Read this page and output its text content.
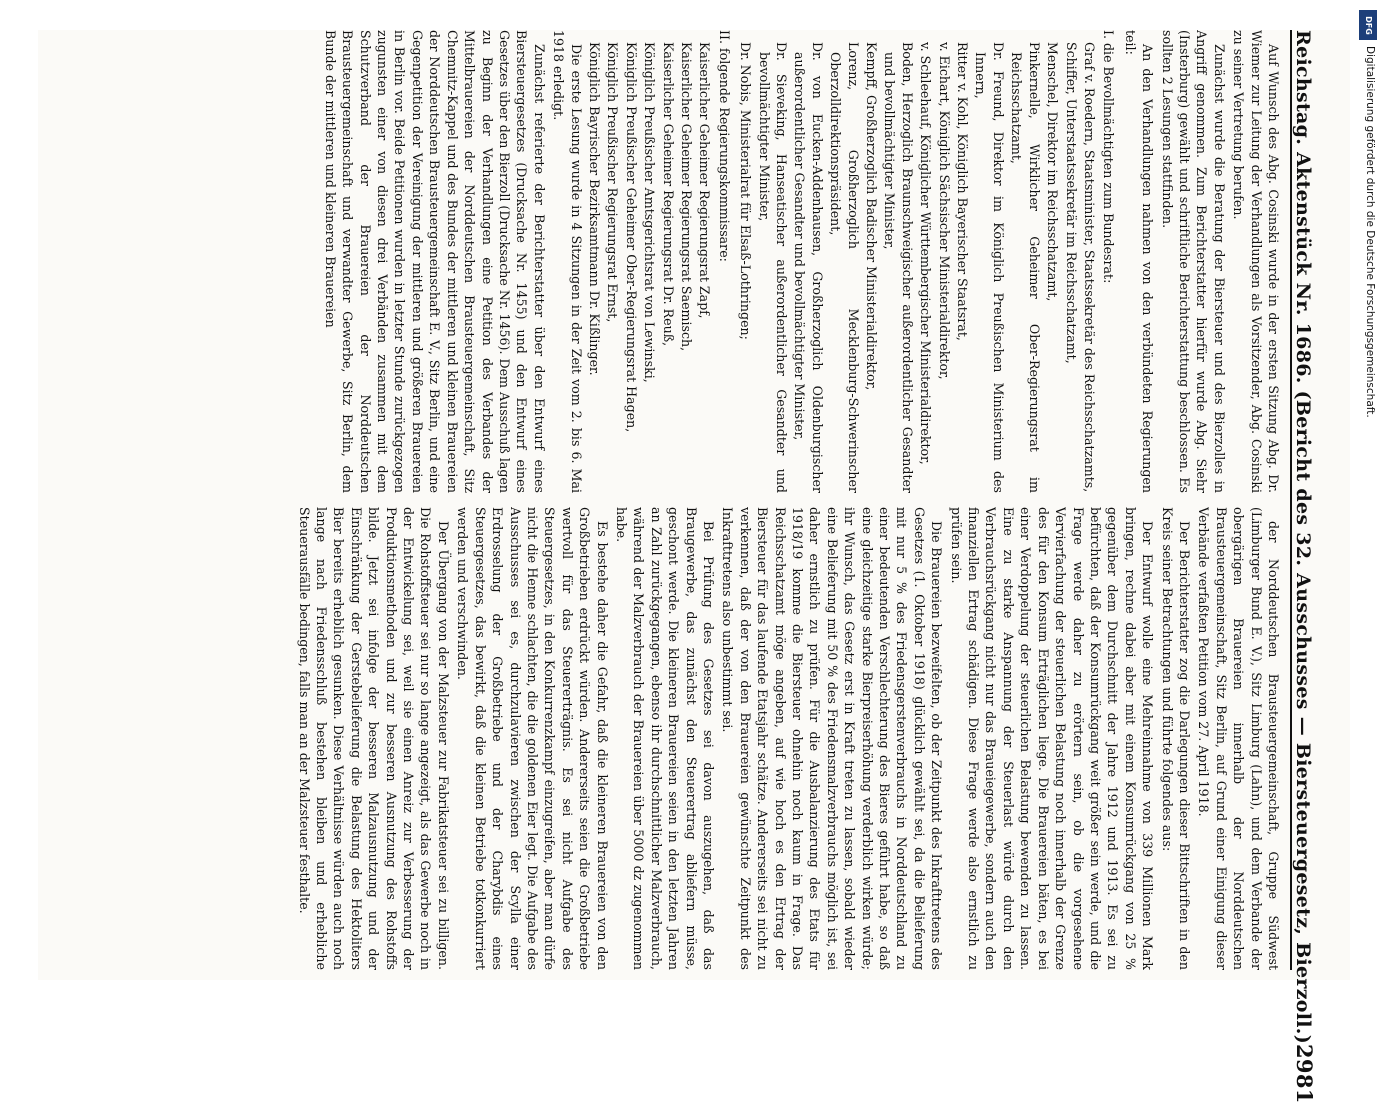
Reichstag. Aktenstück Nr. 1686. (Bericht des 32. Ausschusses — Biersteuergesetz, Bierzoll.)
2981

Auf Wunsch des Abg. Cosinski wurde in der ersten Sitzung Abg. Dr. Wiemer zur Leitung der Verhandlungen als Vorsitzender, Abg. Cosinski zu seiner Vertretung berufen.

Zunächst wurde die Beratung der Biersteuer und des Bierzolles in Angriff genommen. Zum Berichterstatter hierfür wurde Abg. Siehr (Insterburg) gewählt und schriftliche Berichterstattung beschlossen. Es sollten 2 Lesungen stattfinden.

An den Verhandlungen nahmen von den verbündeten Regierungen teil:

I. die Bevollmächtigten zum Bundesrat:

Graf v. Roedern, Staatsminister, Staatssekretär des Reichsschatzamts,

Schiffer, Unterstaatssekretär im Reichsschatzamt,

Menschel, Direktor im Reichsschatzamt,

Pinkernelle, Wirklicher Geheimer Ober-Regierungsrat im Reichsschatzamt,

Dr. Freund, Direktor im Königlich Preußischen Ministerium des Innern,

Ritter v. Kohl, Königlich Bayerischer Staatsrat,

v. Eichart, Königlich Sächsischer Ministerialdirektor,

v. Schleehauf, Königlicher Württembergischer Ministerialdirektor,

Boden, Herzoglich Braunschweigischer außerordentlicher Gesandter und bevollmächtigter Minister,

Kempff, Großherzoglich Badischer Ministerialdirektor,

Lorenz, Großherzoglich Mecklenburg-Schwerinscher Oberzolldirektionspräsident,

Dr. von Eucken-Addenhausen, Großherzoglich Oldenburgischer außerordentlicher Gesandter und bevollmächtigter Minister,

Dr. Sieveking, Hanseatischer außerordentlicher Gesandter und bevollmächtigter Minister,

Dr. Nobis, Ministerialrat für Elsaß-Lothringen;

II. folgende Regierungskommissare:

Kaiserlicher Geheimer Regierungsrat Zapf,

Kaiserlicher Geheimer Regierungsrat Saemisch,

Kaiserlicher Geheimer Regierungsrat Dr. Reuß,

Königlich Preußischer Amtsgerichtsrat von Lewinski,

Königlich Preußischer Geheimer Ober-Regierungsrat Hagen,

Königlich Preußischer Regierungsrat Ernst,

Königlich Bayrischer Bezirksamtmann Dr. Kißlinger.

Die erste Lesung wurde in 4 Sitzungen in der Zeit vom 2. bis 6. Mai 1918 erledigt.

Zunächst referierte der Berichterstatter über den Entwurf eines Biersteuergesetzes (Drucksache Nr. 1455) und den Entwurf eines Gesetzes über den Bierzoll (Drucksache Nr. 1456). Dem Ausschuß lagen zu Beginn der Verhandlungen eine Petition des Verbandes der Mittelbrauereien der Norddeutschen Brausteuergemeinschaft, Sitz Chemnitz-Kappel und des Bundes der mittleren und kleinen Brauereien der Norddeutschen Brausteuergemeinschaft E. V., Sitz Berlin, und eine Gegenpetition der Vereinigung der mittleren und größeren Brauereien in Berlin vor. Beide Petitionen wurden in letzter Stunde zurückgezogen zugunsten einer von diesen drei Verbänden zusammen mit dem Schutzverband der Brauereien der Norddeutschen Brausteuergemeinschaft und verwandter Gewerbe, Sitz Berlin, dem Bunde der mittleren und kleineren Brauereien

der Norddeutschen Brausteuergemeinschaft, Gruppe Südwest (Limburger Bund E. V.), Sitz Limburg (Lahn), und dem Verbande der obergärigen Brauereien innerhalb der Norddeutschen Brausteuergemeinschaft, Sitz Berlin, auf Grund einer Einigung dieser Verbände verfaßten Petition vom 27. April 1918.

Der Berichterstatter zog die Darlegungen dieser Bittschriften in den Kreis seiner Betrachtungen und führte folgendes aus:

Der Entwurf wolle eine Mehreinnahme von 339 Millionen Mark bringen, rechne dabei aber mit einem Konsumrückgang von 25 % gegenüber dem Durchschnitt der Jahre 1912 und 1913. Es sei zu befürchten, daß der Konsumrückgang weit größer sein werde, und die Frage werde daher zu erörtern sein, ob die vorgesehene Vervierfachung der steuerlichen Belastung noch innerhalb der Grenze des für den Konsum Erträglichen liege. Die Brauereien bäten, es bei einer Verdoppelung der steuerlichen Belastung bewenden zu lassen. Eine zu starke Anspannung der Steuerlast würde durch den Verbrauchsrückgang nicht nur das Braueiegewerbe, sondern auch den finanziellen Ertrag schädigen. Diese Frage werde also ernstlich zu prüfen sein.

Die Brauereien bezweifelten, ob der Zeitpunkt des Inkrafttretens des Gesetzes (1. Oktober 1918) glücklich gewählt sei, da die Belieferung mit nur 5 % des Friedensgerstenverbrauchs in Norddeutschland zu einer bedeutenden Verschlechterung des Bieres geführt habe, so daß eine gleichzeitige starke Bierpreiserhöhung verderblich wirken würde; ihr Wunsch, das Gesetz erst in Kraft treten zu lassen, sobald wieder eine Belieferung mit 50 % des Friedensmalzverbrauchs möglich ist, sei daher ernstlich zu prüfen. Für die Ausbalanzierung des Etats für 1918/19 komme die Biersteuer ohnehin noch kaum in Frage. Das Reichsschatzamt möge angeben, auf wie hoch es den Ertrag der Biersteuer für das laufende Etatsjahr schätze. Andererseits sei nicht zu verkennen, daß der von den Brauereien gewünschte Zeitpunkt des Inkrafttretens also unbestimmt sei.

Bei Prüfung des Gesetzes sei davon auszugehen, daß das Braugewerbe, das zunächst den Steuerertrag abliefern müsse, geschont werde. Die kleineren Brauereien seien in den letzten Jahren an Zahl zurückgegangen, ebenso ihr durchschnittlicher Malzverbrauch, während der Malzverbrauch der Brauereien über 5000 dz zugenommen habe.

Es bestehe daher die Gefahr, daß die kleineren Brauereien von den Großbetrieben erdrückt würden. Andererseits seien die Großbetriebe wertvoll für das Steuererträgnis. Es sei nicht Aufgabe des Steuergesetzes, in den Konkurrenzkampf einzugreifen, aber man dürfe nicht die Henne schlachten, die die goldenen Eier legt. Die Aufgabe des Ausschusses sei es, durchzulavieren zwischen der Scylla einer Erdrosselung der Großbetriebe und der Charybdis eines Steuergesetzes, das bewirkt, daß die kleinen Betriebe totkonkurriert werden und verschwinden.

Der Übergang von der Malzsteuer zur Fabrikatsteuer sei zu billigen. Die Rohstoffsteuer sei nur so lange angezeigt, als das Gewerbe noch in der Entwickelung sei, weil sie einen Anreiz zur Verbesserung der Produktionsmethoden und zur besseren Ausnutzung des Rohstoffs bilde. Jetzt sei infolge der besseren Malzausnutzung und der Einschränkung der Gerstebelieferung die Belastung des Hektoliters Bier bereits erheblich gesunken. Diese Verhältnisse würden auch noch lange nach Friedensschluß bestehen bleiben und erhebliche Steuerausfälle bedingen, falls man an der Malzsteuer festhalte.

DFG
Digitalisierung gefördert durch die Deutsche Forschungsgemeinschaft.
